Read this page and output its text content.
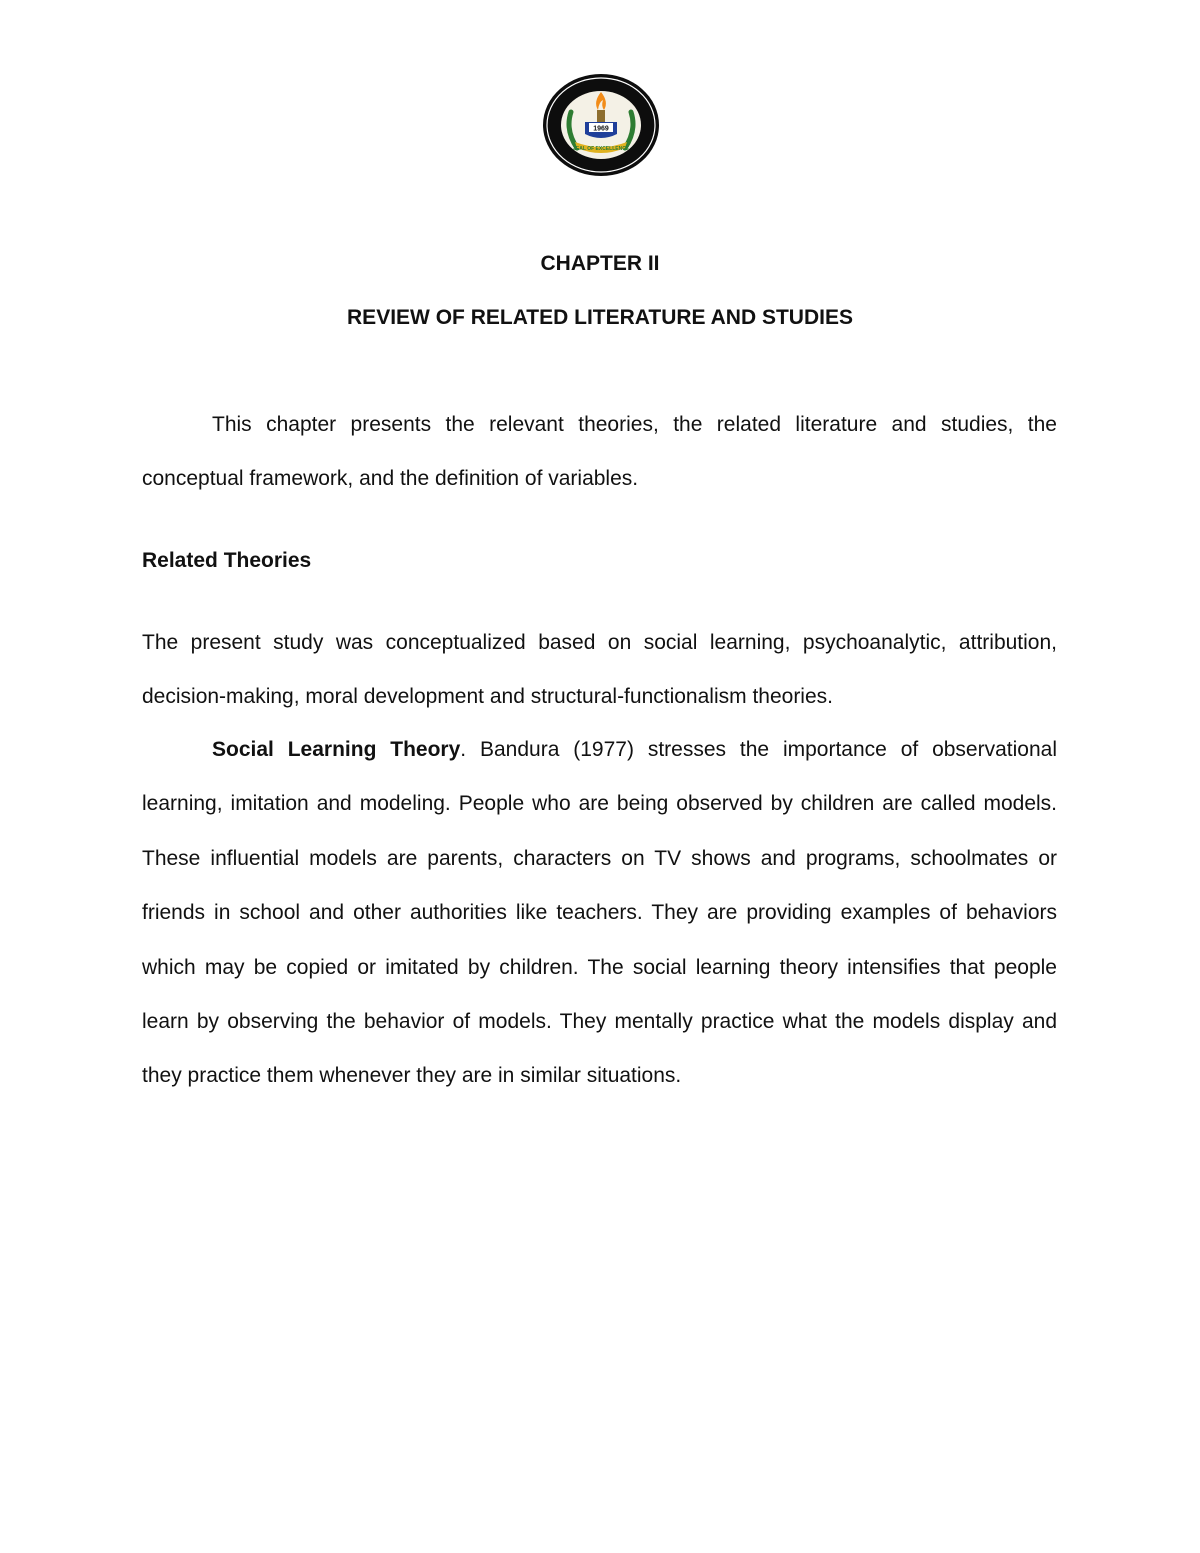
1969
ZEAL OF EXCELLENCE
CHAPTER II
REVIEW OF RELATED LITERATURE AND STUDIES

This chapter presents the relevant theories, the related literature and studies, the conceptual framework, and the definition of variables.

Related Theories

The present study was conceptualized based on social learning, psychoanalytic, attribution, decision-making, moral development and structural-functionalism theories.

Social Learning Theory. Bandura (1977) stresses the importance of observational learning, imitation and modeling. People who are being observed by children are called models. These influential models are parents, characters on TV shows and programs, schoolmates or friends in school and other authorities like teachers. They are providing examples of behaviors which may be copied or imitated by children. The social learning theory intensifies that people learn by observing the behavior of models. They mentally practice what the models display and they practice them whenever they are in similar situations.
